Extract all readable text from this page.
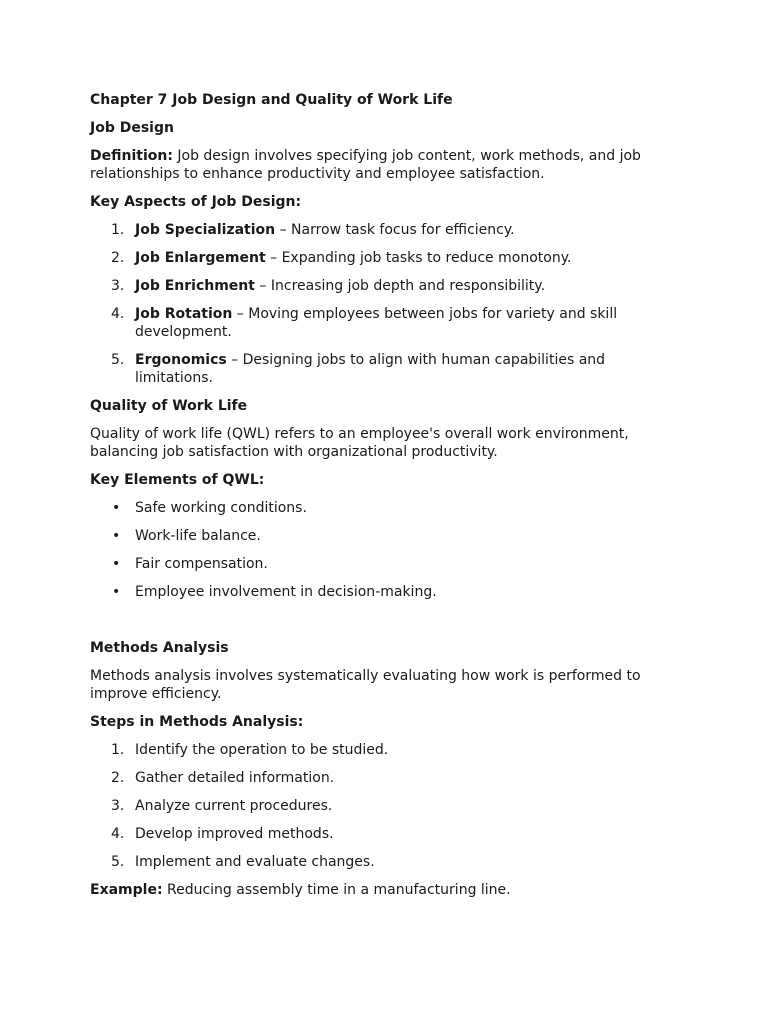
Chapter 7 Job Design and Quality of Work Life
Job Design
Definition: Job design involves specifying job content, work methods, and job relationships to enhance productivity and employee satisfaction.
Key Aspects of Job Design:
1. Job Specialization – Narrow task focus for efficiency.
2. Job Enlargement – Expanding job tasks to reduce monotony.
3. Job Enrichment – Increasing job depth and responsibility.
4. Job Rotation – Moving employees between jobs for variety and skill development.
5. Ergonomics – Designing jobs to align with human capabilities and limitations.
Quality of Work Life
Quality of work life (QWL) refers to an employee's overall work environment, balancing job satisfaction with organizational productivity.
Key Elements of QWL:
• Safe working conditions.
• Work-life balance.
• Fair compensation.
• Employee involvement in decision-making.
Methods Analysis
Methods analysis involves systematically evaluating how work is performed to improve efficiency.
Steps in Methods Analysis:
1. Identify the operation to be studied.
2. Gather detailed information.
3. Analyze current procedures.
4. Develop improved methods.
5. Implement and evaluate changes.
Example: Reducing assembly time in a manufacturing line.
